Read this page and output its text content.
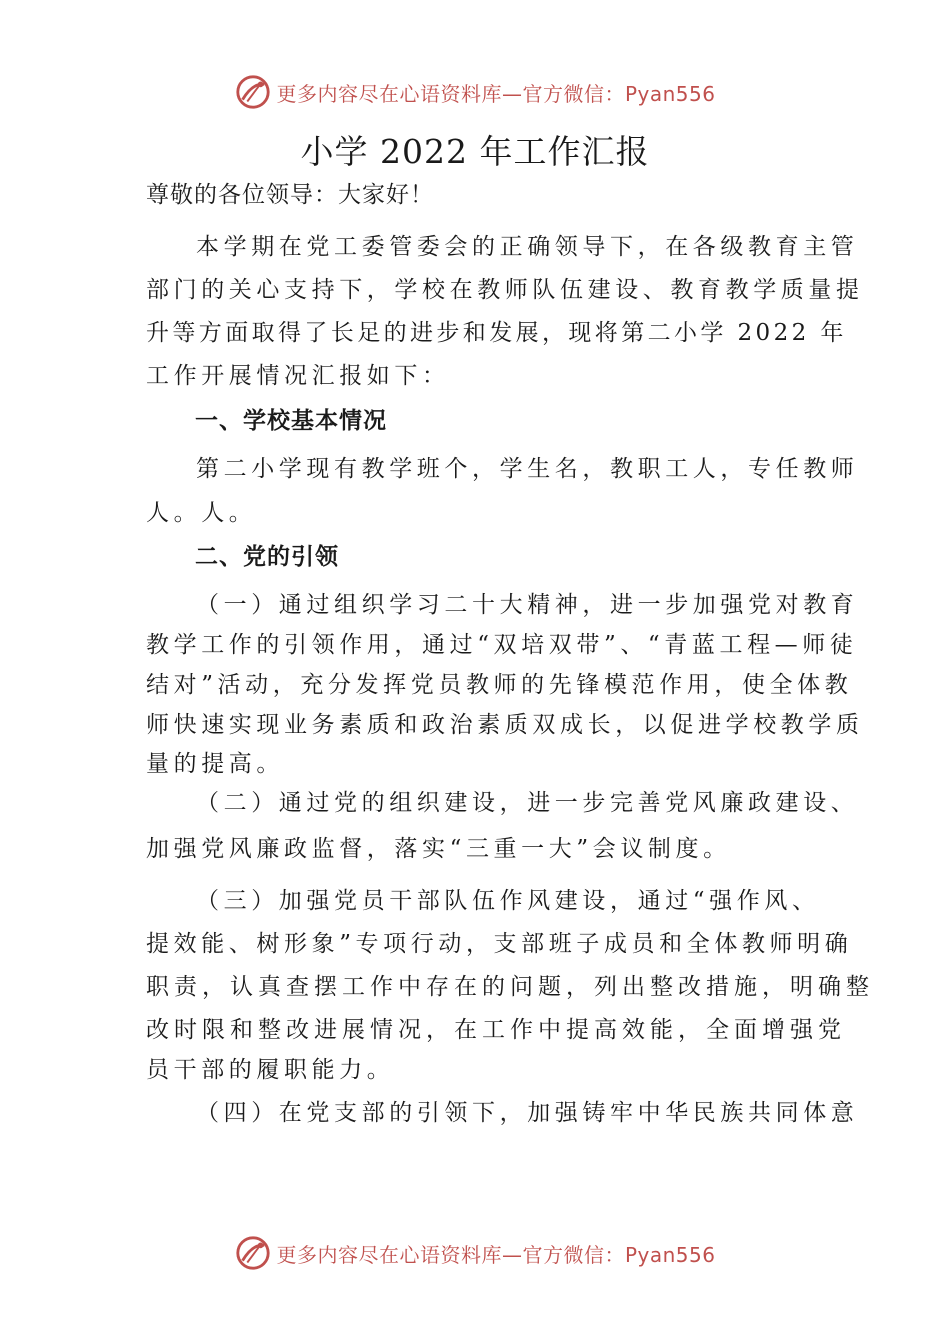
更多内容尽在心语资料库—官方微信：Pyan556
小学 2022 年工作汇报
尊敬的各位领导：大家好！
本学期在党工委管委会的正确领导下，在各级教育主管
部门的关心支持下，学校在教师队伍建设、教育教学质量提
升等方面取得了长足的进步和发展，现将第二小学 2022 年
工作开展情况汇报如下：
一、学校基本情况
第二小学现有教学班个，学生名，教职工人，专任教师
人。人。
二、党的引领
（一）通过组织学习二十大精神，进一步加强党对教育
教学工作的引领作用，通过“双培双带”、“青蓝工程—师徒
结对”活动，充分发挥党员教师的先锋模范作用，使全体教
师快速实现业务素质和政治素质双成长，以促进学校教学质
量的提高。
（二）通过党的组织建设，进一步完善党风廉政建设、
加强党风廉政监督，落实“三重一大”会议制度。
（三）加强党员干部队伍作风建设，通过“强作风、
提效能、树形象”专项行动，支部班子成员和全体教师明确
职责，认真查摆工作中存在的问题，列出整改措施，明确整
改时限和整改进展情况，在工作中提高效能，全面增强党
员干部的履职能力。
（四）在党支部的引领下，加强铸牢中华民族共同体意
更多内容尽在心语资料库—官方微信：Pyan556
